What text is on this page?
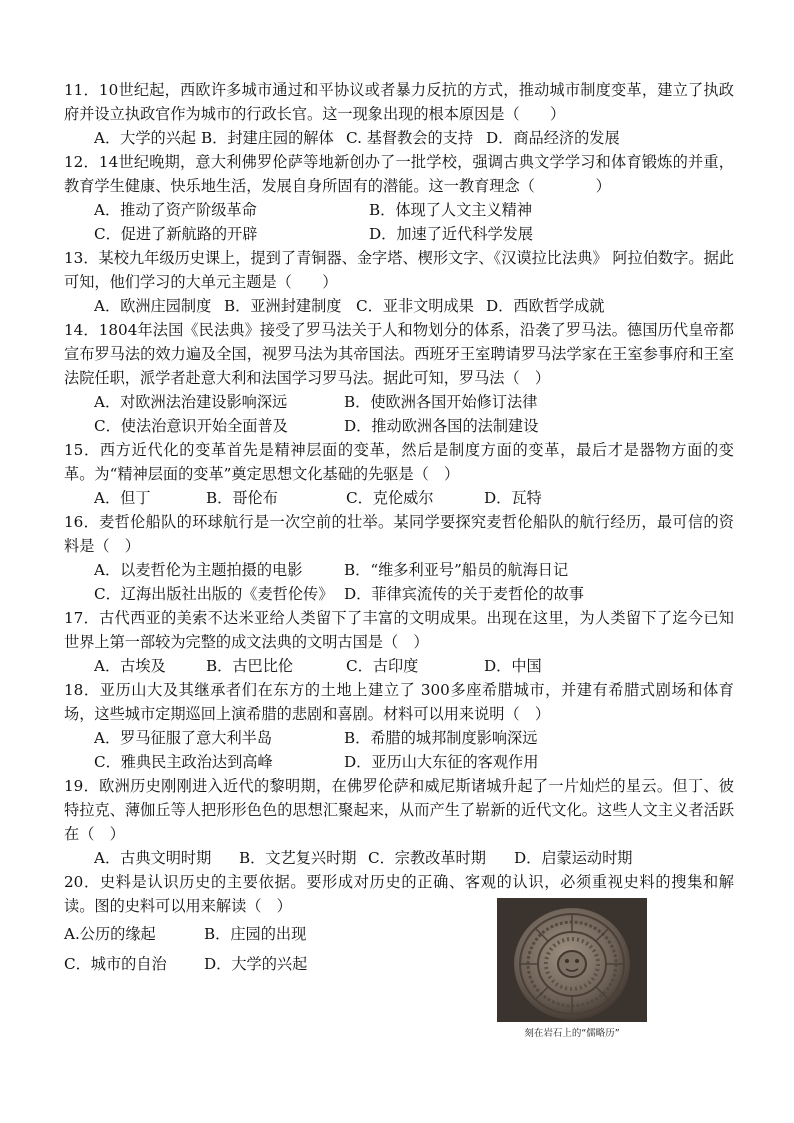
11．10世纪起，西欧许多城市通过和平协议或者暴力反抗的方式，推动城市制度变革，建立了执政府并设立执政官作为城市的行政长官。这一现象出现的根本原因是（　　）

A．大学的兴起 B．封建庄园的解体 C. 基督教会的支持 D．商品经济的发展

12．14世纪晚期，意大利佛罗伦萨等地新创办了一批学校，强调古典文学学习和体育锻炼的并重，教育学生健康、快乐地生活，发展自身所固有的潜能。这一教育理念（　　　　）

A．推动了资产阶级革命	B．体现了人文主义精神
C．促进了新航路的开辟	D．加速了近代科学发展

13．某校九年级历史课上，提到了青铜器、金字塔、楔形文字、《汉谟拉比法典》 阿拉伯数字。据此可知，他们学习的大单元主题是（　　）

A．欧洲庄园制度 B．亚洲封建制度 C．亚非文明成果 D．西欧哲学成就

14．1804年法国《民法典》接受了罗马法关于人和物划分的体系，沿袭了罗马法。德国历代皇帝都宣布罗马法的效力遍及全国，视罗马法为其帝国法。西班牙王室聘请罗马法学家在王室参事府和王室法院任职，派学者赴意大利和法国学习罗马法。据此可知，罗马法（　）

A．对欧洲法治建设影响深远	B．使欧洲各国开始修订法律
C．使法治意识开始全面普及	D．推动欧洲各国的法制建设

15．西方近代化的变革首先是精神层面的变革，然后是制度方面的变革，最后才是器物方面的变革。为“精神层面的变革”奠定思想文化基础的先驱是（　）

A．但丁	B．哥伦布	C．克伦威尔	D．瓦特

16．麦哲伦船队的环球航行是一次空前的壮举。某同学要探究麦哲伦船队的航行经历，最可信的资料是（　）

A．以麦哲伦为主题拍摄的电影	B．“维多利亚号”船员的航海日记
C．辽海出版社出版的《麦哲伦传》 D．菲律宾流传的关于麦哲伦的故事

17．古代西亚的美索不达米亚给人类留下了丰富的文明成果。出现在这里，为人类留下了迄今已知世界上第一部较为完整的成文法典的文明古国是（　）

A．古埃及	B．古巴比伦	C．古印度	D．中国

18．亚历山大及其继承者们在东方的土地上建立了 300多座希腊城市，并建有希腊式剧场和体育场，这些城市定期巡回上演希腊的悲剧和喜剧。材料可以用来说明（　）

A．罗马征服了意大利半岛	B．希腊的城邦制度影响深远
C．雅典民主政治达到高峰	D．亚历山大东征的客观作用

19．欧洲历史刚刚进入近代的黎明期，在佛罗伦萨和威尼斯诸城升起了一片灿烂的星云。但丁、彼特拉克、薄伽丘等人把形形色色的思想汇聚起来，从而产生了崭新的近代文化。这些人文主义者活跃在（　）

A．古典文明时期 B．文艺复兴时期 C．宗教改革时期 D．启蒙运动时期

20．史料是认识历史的主要依据。要形成对历史的正确、客观的认识，必须重视史料的搜集和解读。图的史料可以用来解读（　）

A.公历的缘起	B．庄园的出现
C．城市的自治 D．大学的兴起
刻在岩石上的“儒略历”
